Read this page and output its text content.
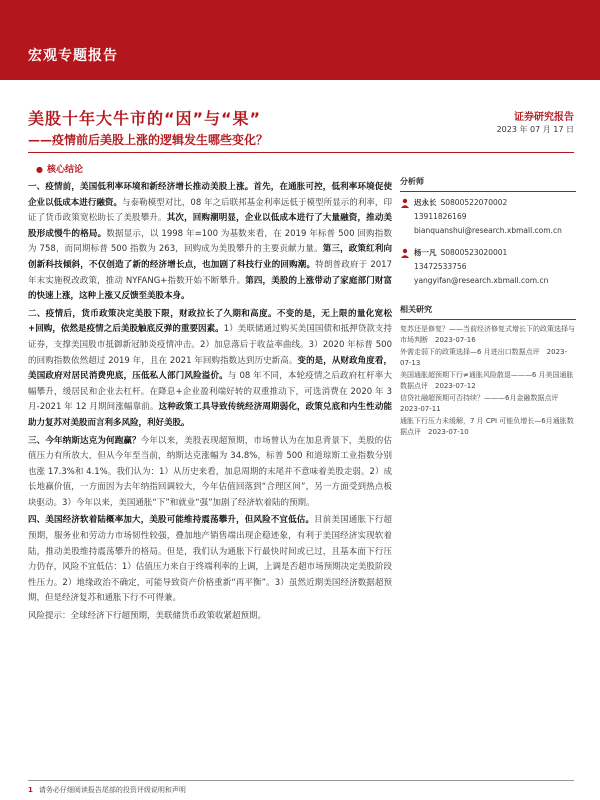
宏观专题报告
美股十年大牛市的“因”与“果”
——疫情前后美股上涨的逻辑发生哪些变化？
证券研究报告
2023 年 07 月 17 日
● 核心结论

一、疫情前，美国低利率环境和新经济增长推动美股上涨。首先，在通胀可控，低利率环境促使企业以低成本进行融资。与泰勒模型对比，08 年之后联邦基金利率远低于模型所显示的利率，印证了货币政策宽松助长了美股攀升。其次，回购潮明显，企业以低成本进行了大量融资，推动美股形成慢牛的格局。数据显示，以 1998 年=100 为基数来看，在 2019 年标普 500 回购指数为 758，而同期标普 500 指数为 263，回购成为美股攀升的主要贡献力量。第三，政策红利向创新科技倾斜，不仅创造了新的经济增长点，也加剧了科技行业的回购潮。特朗普政府于 2017 年末实施税改政策，推动 NYFANG+指数开始不断攀升。第四，美股的上涨带动了家庭部门财富的快速上涨，这种上涨又反馈至美股本身。

二、疫情后，货币政策决定美股下限，财政拉长了久期和高度。不变的是，无上限的量化宽松+回购，依然是疫情之后美股触底反弹的重要因素。1）美联储通过购买美国国债和抵押贷款支持证券，支撑美国股市抵御新冠肺炎疫情冲击。2）加息落后于收益率曲线。3）2020 年标普 500 的回购指数依然超过 2019 年，且在 2021 年回购指数达到历史新高。变的是，从财政角度看，美国政府对居民消费兜底，压低私人部门风险溢价。与 08 年不同，本轮疫情之后政府杠杆率大幅攀升，缓居民和企业去杠杆。在降息+企业盈利端好转的双重推动下，可选消费在 2020 年 3 月-2021 年 12 月期间涨幅靠前。这种政策工具导致传统经济周期弱化，政策兑底和内生性动能助力复苏对美股而言利多风险，利好美股。

三、今年纳斯达克为何跑赢？今年以来，美股表现超预期，市场曾认为在加息背景下，美股的估值压力有所放大，但从今年至当前，纳斯达克涨幅为 34.8%，标普 500 和道琼斯工业指数分别也涨 17.3%和 4.1%。我们认为：1）从历史来看，加息周期的末尾并不意味着美股走弱。2）成长地赢价值，一方面因为去年纳指回调较大，今年估值回落到“合理区间”，另一方面受到热点板块驱动。3）今年以来，美国通胀“下”和就业“强”加剧了经济软着陆的预期。

四、美国经济软着陆概率加大，美股可能维持震荡攀升，但风险不宜低估。目前美国通胀下行超预期，服务业和劳动力市场韧性较强，叠加地产销售端出现企稳迹象，有利于美国经济实现软着陆，推动美股维持震荡攀升的格局。但是，我们认为通胀下行最快时间或已过，且基本面下行压力仍存，风险不宜低估：1）估值压力来自于终端利率的上调，上调是否超市场预期决定美股阶段性压力。2）地缘政治不确定，可能导致资产价格重新“再平衡”。3）虽然近期美国经济数据超预期，但是经济复苏和通胀下行不可得兼。

风险提示：全球经济下行超预期，美联储货币政策收紧超预期。

分析师
迟永长 S0800522070002
13911826169
bianquanshui@research.xbmall.com.cn
杨一凡 S0800523020001
13472533756
yangyifan@research.xbmall.com.cn
相关研究
复苏还是修复？——当前经济修复式增长下的政策选择与市场判断　2023-07-16
外需走弱下的政策选择—6 月进出口数据点评　2023-07-13
美国通胀超预期下行≠通胀风险散退———6 月美国通胀数据点评　2023-07-12
信贷社融超预期可否持续？———6月金融数据点评　2023-07-11
通胀下行压力未缓解，7 月 CPI 可能负增长—6月通胀数据点评　2023-07-10
1 请务必仔细阅读报告尾部的投资评级说明和声明
